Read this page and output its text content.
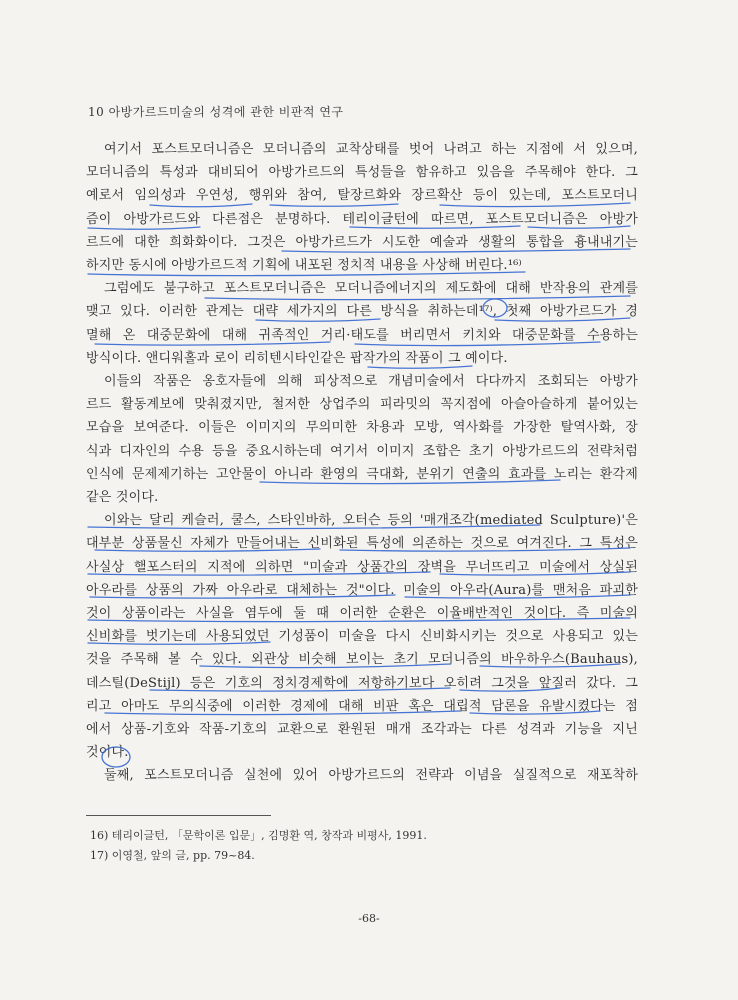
10 아방가르드미술의 성격에 관한 비판적 연구

여기서 포스트모더니즘은 모더니즘의 교착상태를 벗어 나려고 하는 지점에 서 있으며,
모더니즘의 특성과 대비되어 아방가르드의 특성들을 함유하고 있음을 주목해야 한다. 그
예로서 임의성과 우연성, 행위와 참여, 탈장르화와 장르확산 등이 있는데, 포스트모더니
즘이 아방가르드와 다른점은 분명하다. 테리이글턴에 따르면, 포스트모더니즘은 아방가
르드에 대한 희화화이다. 그것은 아방가르드가 시도한 예술과 생활의 통합을 흉내내기는
하지만 동시에 아방가르드적 기획에 내포된 정치적 내용을 사상해 버린다.¹⁶⁾

그럼에도 불구하고 포스트모더니즘은 모더니즘에너지의 제도화에 대해 반작용의 관계를
맺고 있다. 이러한 관계는 대략 세가지의 다른 방식을 취하는데¹⁷⁾, 첫째 아방가르드가 경
멸해 온 대중문화에 대해 귀족적인 거리·태도를 버리면서 키치와 대중문화를 수용하는
방식이다. 앤디워홀과 로이 리히텐시타인같은 팝작가의 작품이 그 예이다.

이들의 작품은 옹호자들에 의해 피상적으로 개념미술에서 다다까지 조회되는 아방가
르드 활동계보에 맞춰졌지만, 철저한 상업주의 피라밋의 꼭지점에 아슬아슬하게 붙어있는
모습을 보여준다. 이들은 이미지의 무의미한 차용과 모방, 역사화를 가장한 탈역사화, 장
식과 디자인의 수용 등을 중요시하는데 여기서 이미지 조합은 초기 아방가르드의 전략처럼
인식에 문제제기하는 고안물이 아니라 환영의 극대화, 분위기 연출의 효과를 노리는 환각제
같은 것이다.

이와는 달리 케슬러, 쿨스, 스타인바하, 오터슨 등의 '매개조각(mediated Sculpture)'은
대부분 상품물신 자체가 만들어내는 신비화된 특성에 의존하는 것으로 여겨진다. 그 특성은
사실상 핼포스터의 지적에 의하면 "미술과 상품간의 장벽을 무너뜨리고 미술에서 상실된
아우라를 상품의 가짜 아우라로 대체하는 것"이다. 미술의 아우라(Aura)를 맨처음 파괴한
것이 상품이라는 사실을 염두에 둘 때 이러한 순환은 이율배반적인 것이다. 즉 미술의
신비화를 벗기는데 사용되었던 기성품이 미술을 다시 신비화시키는 것으로 사용되고 있는
것을 주목해 볼 수 있다. 외관상 비슷해 보이는 초기 모더니즘의 바우하우스(Bauhaus),
데스틸(DeStijl) 등은 기호의 정치경제학에 저항하기보다 오히려 그것을 앞질러 갔다. 그
리고 아마도 무의식중에 이러한 경제에 대해 비판 혹은 대립적 담론을 유발시켰다는 점
에서 상품-기호와 작품-기호의 교환으로 환원된 매개 조각과는 다른 성격과 기능을 지닌
것이다.

둘째, 포스트모더니즘 실천에 있어 아방가르드의 전략과 이념을 실질적으로 재포착하

16) 테리이글턴, 「문학이론 입문」, 김명환 역, 창작과 비평사, 1991.
17) 이영철, 앞의 글, pp. 79~84.
-68-
